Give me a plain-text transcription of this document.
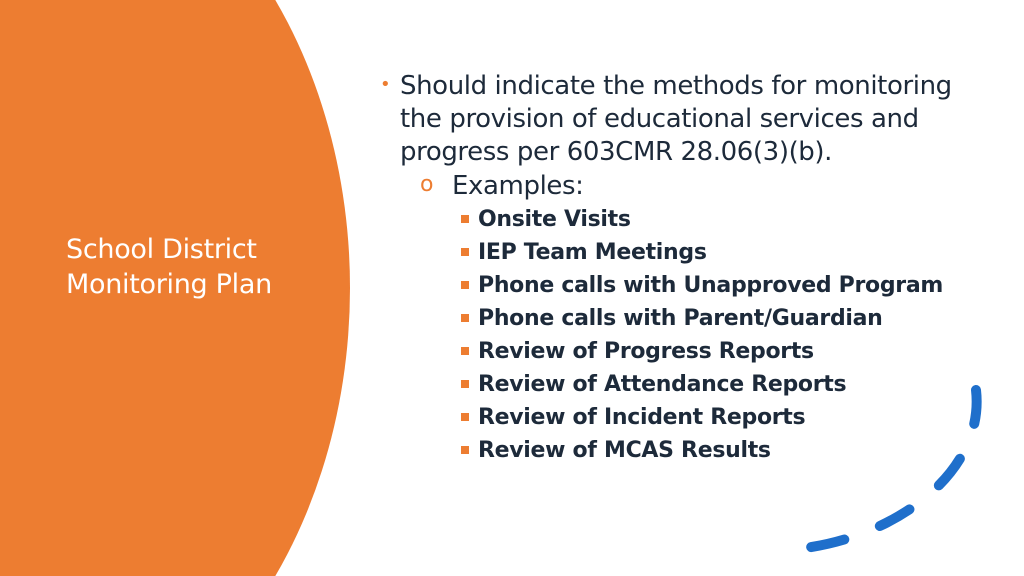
School District
Monitoring Plan
• Should indicate the methods for monitoring the provision of educational services and progress per 603CMR 28.06(3)(b).
o Examples:
Onsite Visits
IEP Team Meetings
Phone calls with Unapproved Program
Phone calls with Parent/Guardian
Review of Progress Reports
Review of Attendance Reports
Review of Incident Reports
Review of MCAS Results
